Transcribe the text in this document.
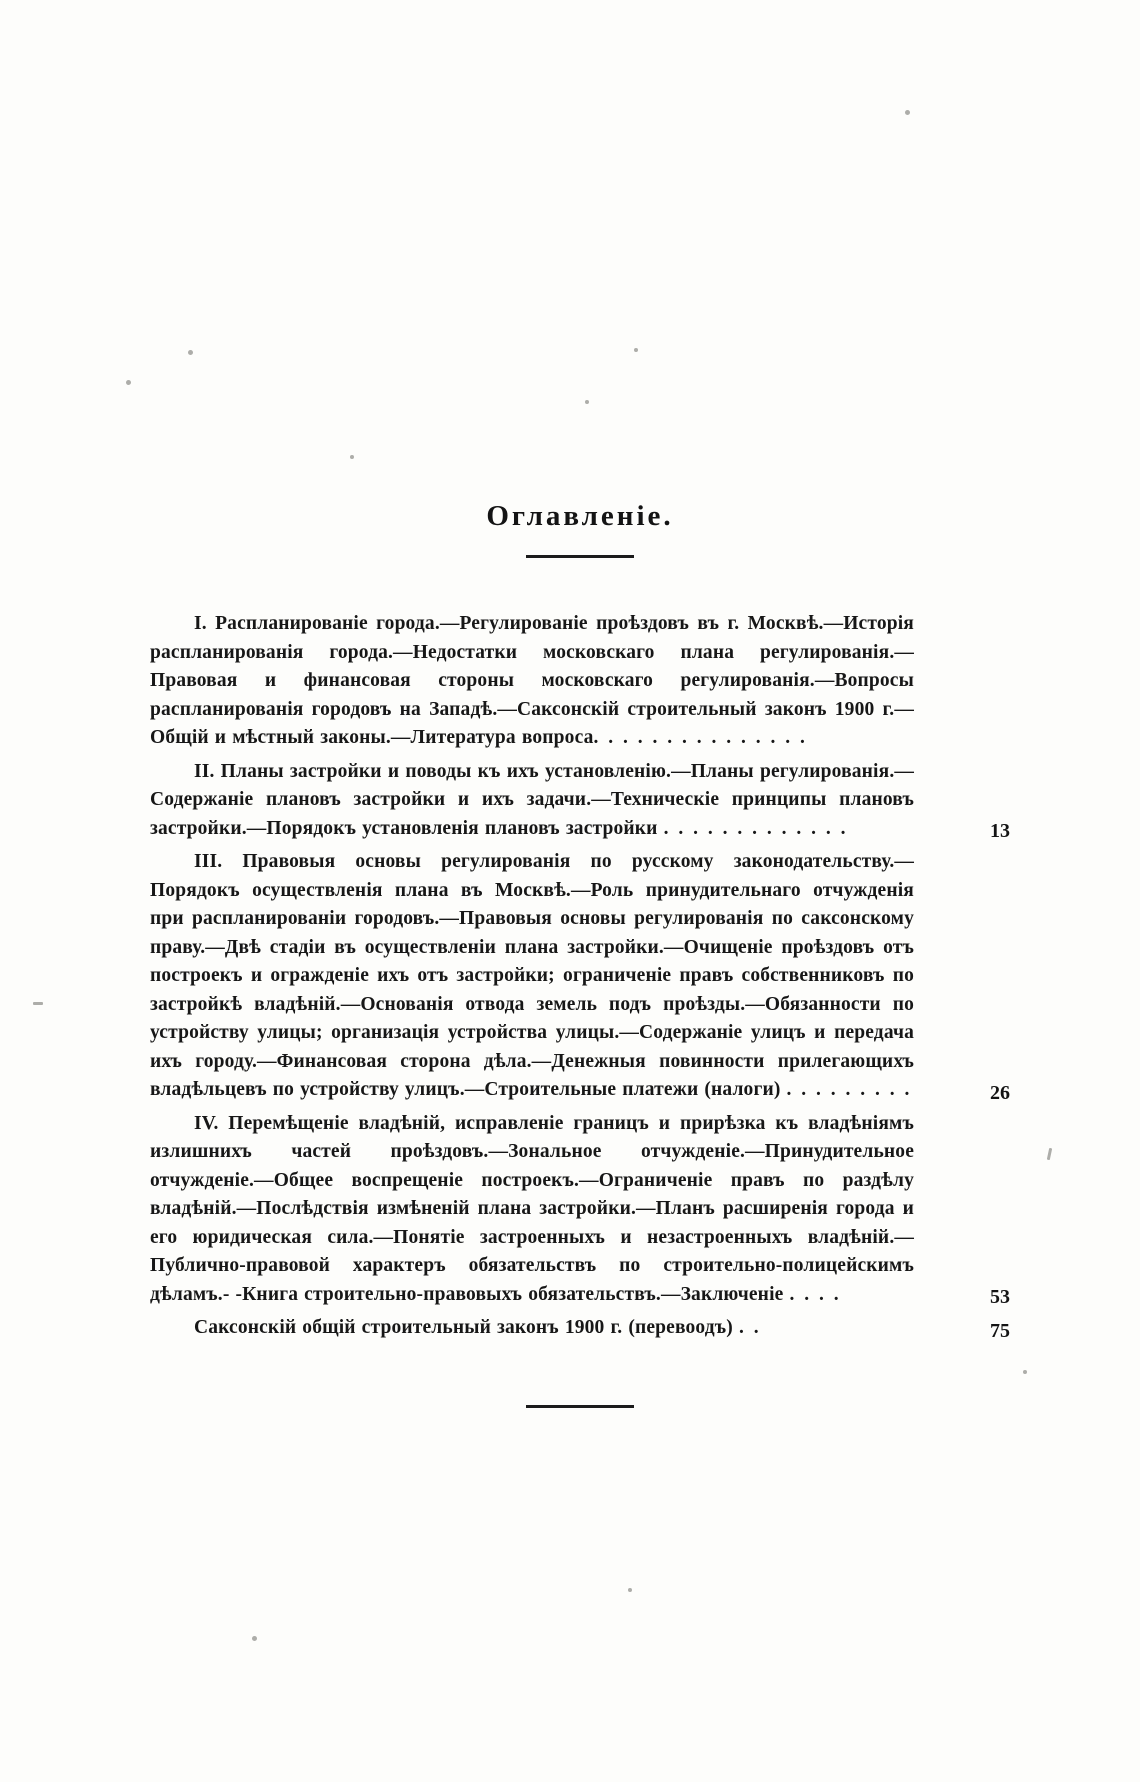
Оглавленіе.
I. Распланированіе города.—Регулированіе проѣздовъ въ г. Москвѣ.—Исторія распланированія города.—Недостатки московскаго плана регулированія.—Правовая и финансовая стороны московскаго регулированія.—Вопросы распланированія городовъ на Западѣ.—Саксонскій строительный законъ 1900 г.—Общій и мѣстный законы.—Литература вопроса. . . . . . . . . . . . . . .
II. Планы застройки и поводы къ ихъ установленію.—Планы регулированія.—Содержаніе плановъ застройки и ихъ задачи.—Техническіе принципы плановъ застройки.—Порядокъ установленія плановъ застройки . . . . . . . . . . . . .	13
III. Правовыя основы регулированія по русскому законодательству.—Порядокъ осуществленія плана въ Москвѣ.—Роль принудительнаго отчужденія при распланированіи городовъ.—Правовыя основы регулированія по саксонскому праву.—Двѣ стадіи въ осуществленіи плана застройки.—Очищеніе проѣздовъ отъ построекъ и огражденіе ихъ отъ застройки; ограниченіе правъ собственниковъ по застройкѣ владѣній.—Основанія отвода земель подъ проѣзды.—Обязанности по устройству улицы; организація устройства улицы.—Содержаніе улицъ и передача ихъ городу.—Финансовая сторона дѣла.—Денежныя повинности прилегающихъ владѣльцевъ по устройству улицъ.—Строительные платежи (налоги) . . . . . . . . .	26
IV. Перемѣщеніе владѣній, исправленіе границъ и прирѣзка къ владѣніямъ излишнихъ частей проѣздовъ.—Зональное отчужденіе.—Принудительное отчужденіе.—Общее воспрещеніе построекъ.—Ограниченіе правъ по раздѣлу владѣній.—Послѣдствія измѣненій плана застройки.—Планъ расширенія города и его юридическая сила.—Понятіе застроенныхъ и незастроенныхъ владѣній.—Публично-правовой характеръ обязательствъ по строительно-полицейскимъ дѣламъ.- -Книга строительно-правовыхъ обязательствъ.—Заключеніе . . . .	53
Саксонскій общій строительный законъ 1900 г. (перевоодъ) . .	75
